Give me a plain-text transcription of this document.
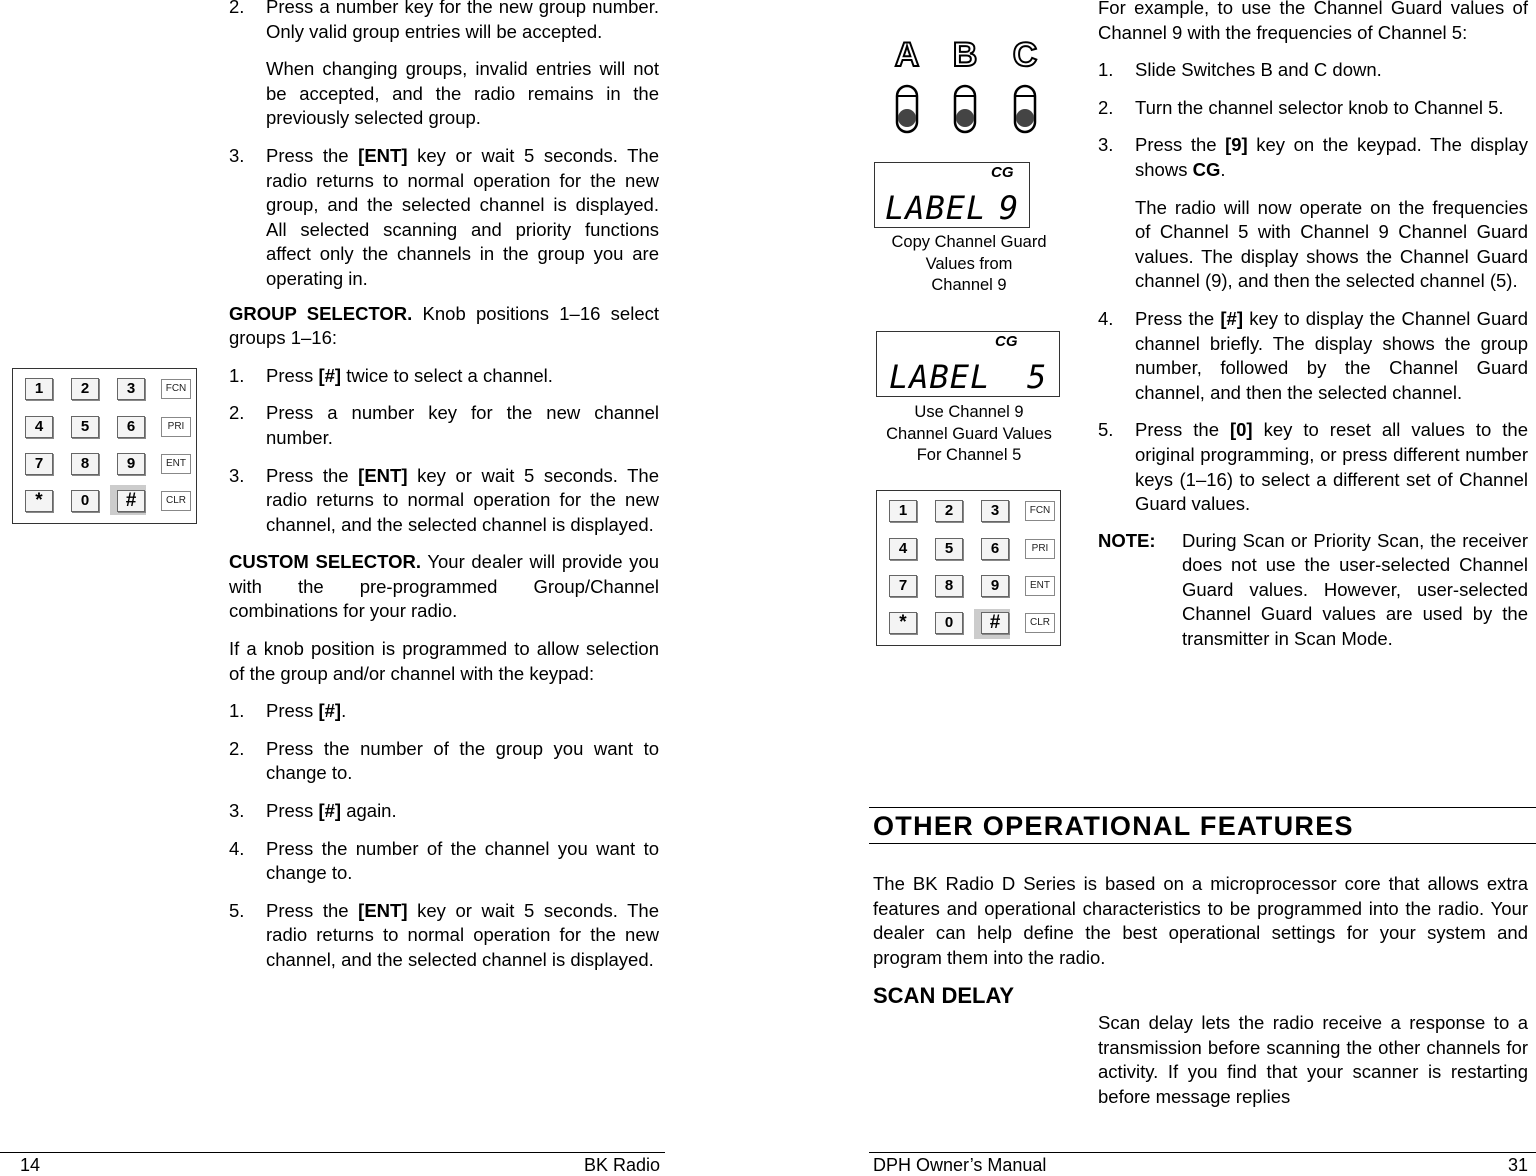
2. Press a number key for the new group number. Only valid group entries will be accepted.
When changing groups, invalid entries will not be accepted, and the radio remains in the previously selected group.
3. Press the [ENT] key or wait 5 seconds. The radio returns to normal operation for the new group, and the selected channel is displayed. All selected scanning and priority functions affect only the channels in the group you are operating in.

GROUP SELECTOR. Knob positions 1–16 select groups 1–16:

1. Press [#] twice to select a channel.
2. Press a number key for the new channel number.
3. Press the [ENT] key or wait 5 seconds. The radio returns to normal operation for the new channel, and the selected channel is displayed.

CUSTOM SELECTOR. Your dealer will provide you with the pre-programmed Group/Channel combinations for your radio.

If a knob position is programmed to allow selection of the group and/or channel with the keypad:

1. Press [#].
2. Press the number of the group you want to change to.
3. Press [#] again.
4. Press the number of the channel you want to change to.
5. Press the [ENT] key or wait 5 seconds. The radio returns to normal operation for the new channel, and the selected channel is displayed.
1	2	3
4	5	6
7	8	9
*	0	#
FCN
PRI
ENT
CLR
A B C
CG
LABEL 9
Copy Channel Guard
Values from
Channel 9
CG
LABEL 5
Use Channel 9
Channel Guard Values
For Channel 5
1	2	3
4	5	6
7	8	9
*	0	#
FCN
PRI
ENT
CLR

For example, to use the Channel Guard values of Channel 9 with the frequencies of Channel 5:

1. Slide Switches B and C down.
2. Turn the channel selector knob to Channel 5.
3. Press the [9] key on the keypad. The display shows CG.
The radio will now operate on the frequencies of Channel 5 with Channel 9 Channel Guard values. The display shows the Channel Guard channel (9), and then the selected channel (5).
4. Press the [#] key to display the Channel Guard channel briefly. The display shows the group number, followed by the Channel Guard channel, and then the selected channel.
5. Press the [0] key to reset all values to the original programming, or press different number keys (1–16) to select a different set of Channel Guard values.
NOTE: During Scan or Priority Scan, the receiver does not use the user-selected Channel Guard values. However, user-selected Channel Guard values are used by the transmitter in Scan Mode.
OTHER OPERATIONAL FEATURES

The BK Radio D Series is based on a microprocessor core that allows extra features and operational characteristics to be programmed into the radio. Your dealer can help define the best operational settings for your system and program them into the radio.

SCAN DELAY

Scan delay lets the radio receive a response to a transmission before scanning the other channels for activity. If you find that your scanner is restarting before message replies

14	BK Radio	DPH Owner’s Manual	31
